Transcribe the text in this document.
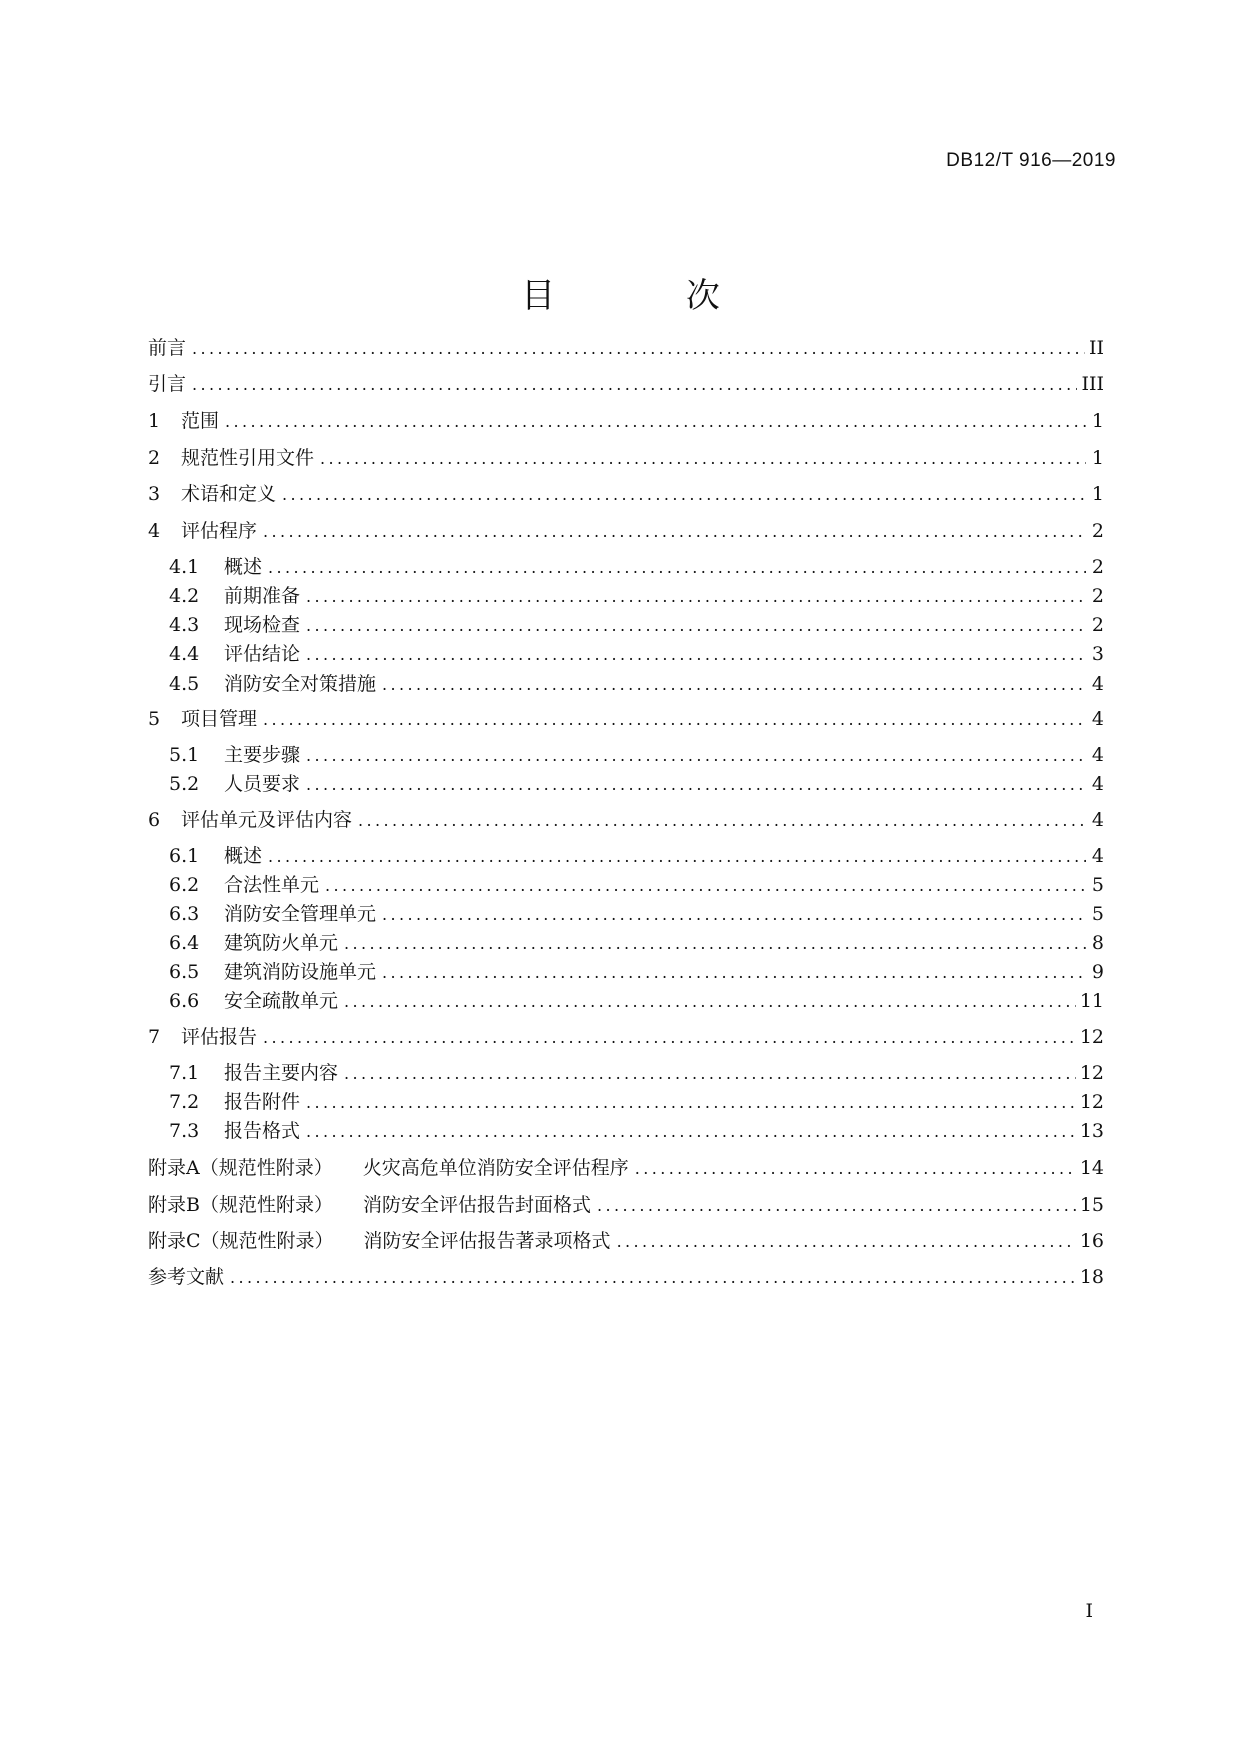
DB12/T 916—2019
目 次
前言 .....	II
引言 .....	III
1	范围 .....	1
2	规范性引用文件 .....	1
3	术语和定义 .....	1
4	评估程序 .....	2
4.1	概述 .....	2
4.2	前期准备 .....	2
4.3	现场检查 .....	2
4.4	评估结论 .....	3
4.5	消防安全对策措施 .....	4
5	项目管理 .....	4
5.1	主要步骤 .....	4
5.2	人员要求 .....	4
6	评估单元及评估内容 .....	4
6.1	概述 .....	4
6.2	合法性单元 .....	5
6.3	消防安全管理单元 .....	5
6.4	建筑防火单元 .....	8
6.5	建筑消防设施单元 .....	9
6.6	安全疏散单元 .....	11
7	评估报告 .....	12
7.1	报告主要内容 .....	12
7.2	报告附件 .....	12
7.3	报告格式 .....	13
附录A（规范性附录） 火灾高危单位消防安全评估程序 .....	14
附录B（规范性附录） 消防安全评估报告封面格式 .....	15
附录C（规范性附录） 消防安全评估报告著录项格式 .....	16
参考文献 .....	18
I
